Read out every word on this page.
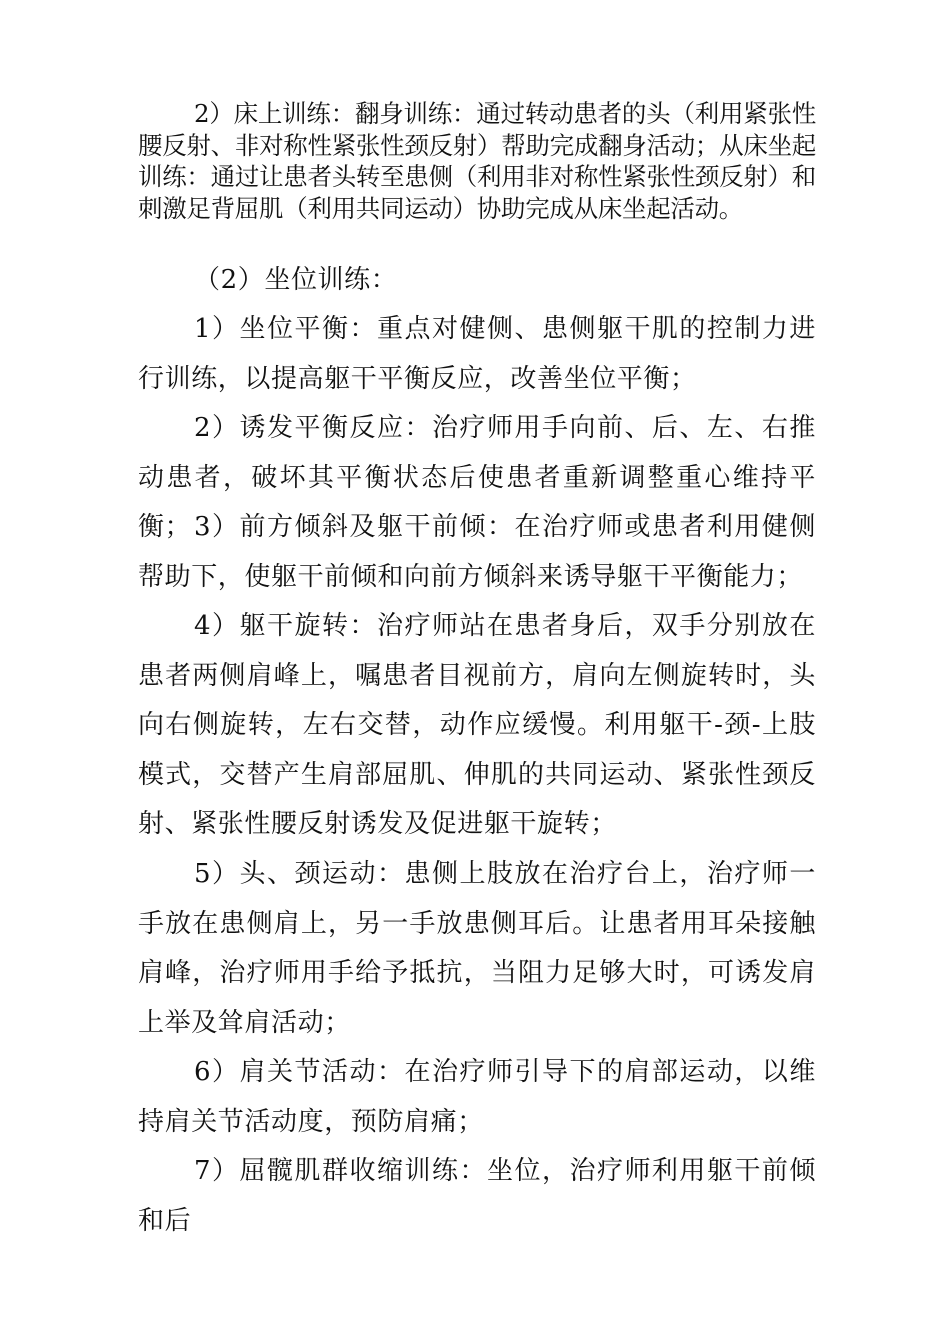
2）床上训练：翻身训练：通过转动患者的头（利用紧张性腰反射、非对称性紧张性颈反射）帮助完成翻身活动；从床坐起训练：通过让患者头转至患侧（利用非对称性紧张性颈反射）和刺激足背屈肌（利用共同运动）协助完成从床坐起活动。

（2）坐位训练：

1）坐位平衡：重点对健侧、患侧躯干肌的控制力进行训练，以提高躯干平衡反应，改善坐位平衡；

2）诱发平衡反应：治疗师用手向前、后、左、右推动患者，破坏其平衡状态后使患者重新调整重心维持平衡； 3）前方倾斜及躯干前倾：在治疗师或患者利用健侧帮助下，使躯干前倾和向前方倾斜来诱导躯干平衡能力；

4）躯干旋转：治疗师站在患者身后，双手分别放在患者两侧肩峰上，嘱患者目视前方，肩向左侧旋转时，头向右侧旋转，左右交替，动作应缓慢。利用躯干-颈-上肢模式，交替产生肩部屈肌、伸肌的共同运动、紧张性颈反射、紧张性腰反射诱发及促进躯干旋转；

5）头、颈运动：患侧上肢放在治疗台上，治疗师一手放在患侧肩上，另一手放患侧耳后。让患者用耳朵接触肩峰，治疗师用手给予抵抗，当阻力足够大时，可诱发肩上举及耸肩活动；

6）肩关节活动：在治疗师引导下的肩部运动，以维持肩关节活动度，预防肩痛；

7）屈髋肌群收缩训练：坐位，治疗师利用躯干前倾和后
